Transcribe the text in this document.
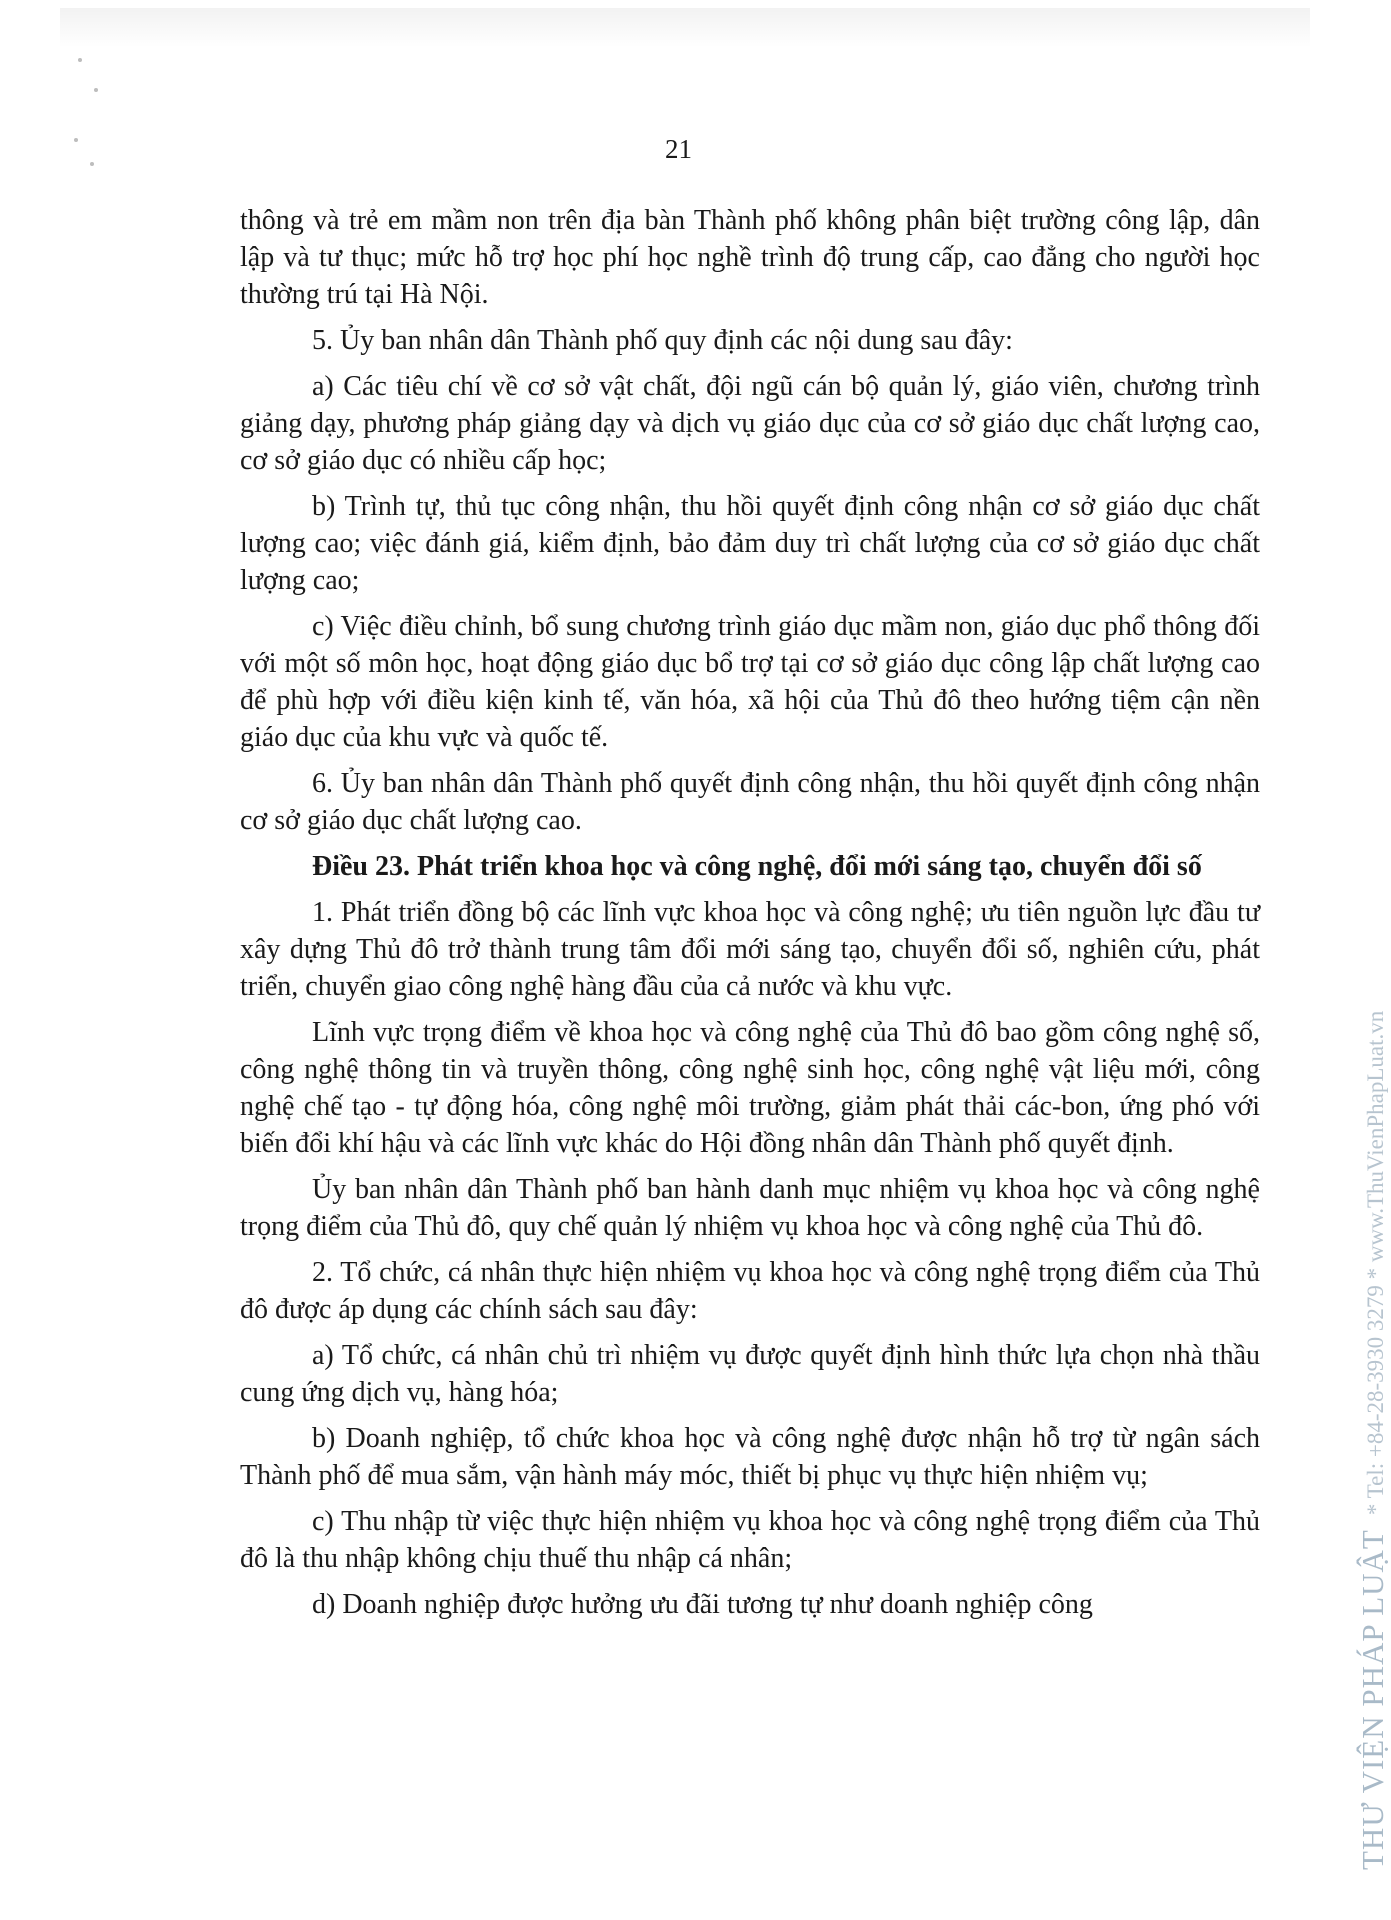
21

thông và trẻ em mầm non trên địa bàn Thành phố không phân biệt trường công lập, dân lập và tư thục; mức hỗ trợ học phí học nghề trình độ trung cấp, cao đẳng cho người học thường trú tại Hà Nội.

5. Ủy ban nhân dân Thành phố quy định các nội dung sau đây:

a) Các tiêu chí về cơ sở vật chất, đội ngũ cán bộ quản lý, giáo viên, chương trình giảng dạy, phương pháp giảng dạy và dịch vụ giáo dục của cơ sở giáo dục chất lượng cao, cơ sở giáo dục có nhiều cấp học;

b) Trình tự, thủ tục công nhận, thu hồi quyết định công nhận cơ sở giáo dục chất lượng cao; việc đánh giá, kiểm định, bảo đảm duy trì chất lượng của cơ sở giáo dục chất lượng cao;

c) Việc điều chỉnh, bổ sung chương trình giáo dục mầm non, giáo dục phổ thông đối với một số môn học, hoạt động giáo dục bổ trợ tại cơ sở giáo dục công lập chất lượng cao để phù hợp với điều kiện kinh tế, văn hóa, xã hội của Thủ đô theo hướng tiệm cận nền giáo dục của khu vực và quốc tế.

6. Ủy ban nhân dân Thành phố quyết định công nhận, thu hồi quyết định công nhận cơ sở giáo dục chất lượng cao.

Điều 23. Phát triển khoa học và công nghệ, đổi mới sáng tạo, chuyển đổi số

1. Phát triển đồng bộ các lĩnh vực khoa học và công nghệ; ưu tiên nguồn lực đầu tư xây dựng Thủ đô trở thành trung tâm đổi mới sáng tạo, chuyển đổi số, nghiên cứu, phát triển, chuyển giao công nghệ hàng đầu của cả nước và khu vực.

Lĩnh vực trọng điểm về khoa học và công nghệ của Thủ đô bao gồm công nghệ số, công nghệ thông tin và truyền thông, công nghệ sinh học, công nghệ vật liệu mới, công nghệ chế tạo - tự động hóa, công nghệ môi trường, giảm phát thải các-bon, ứng phó với biến đổi khí hậu và các lĩnh vực khác do Hội đồng nhân dân Thành phố quyết định.

Ủy ban nhân dân Thành phố ban hành danh mục nhiệm vụ khoa học và công nghệ trọng điểm của Thủ đô, quy chế quản lý nhiệm vụ khoa học và công nghệ của Thủ đô.

2. Tổ chức, cá nhân thực hiện nhiệm vụ khoa học và công nghệ trọng điểm của Thủ đô được áp dụng các chính sách sau đây:

a) Tổ chức, cá nhân chủ trì nhiệm vụ được quyết định hình thức lựa chọn nhà thầu cung ứng dịch vụ, hàng hóa;

b) Doanh nghiệp, tổ chức khoa học và công nghệ được nhận hỗ trợ từ ngân sách Thành phố để mua sắm, vận hành máy móc, thiết bị phục vụ thực hiện nhiệm vụ;

c) Thu nhập từ việc thực hiện nhiệm vụ khoa học và công nghệ trọng điểm của Thủ đô là thu nhập không chịu thuế thu nhập cá nhân;

d) Doanh nghiệp được hưởng ưu đãi tương tự như doanh nghiệp công	THƯ VIỆN PHÁP LUẬT
* Tel: +84-28-3930 3279 * www.ThuVienPhapLuat.vn
